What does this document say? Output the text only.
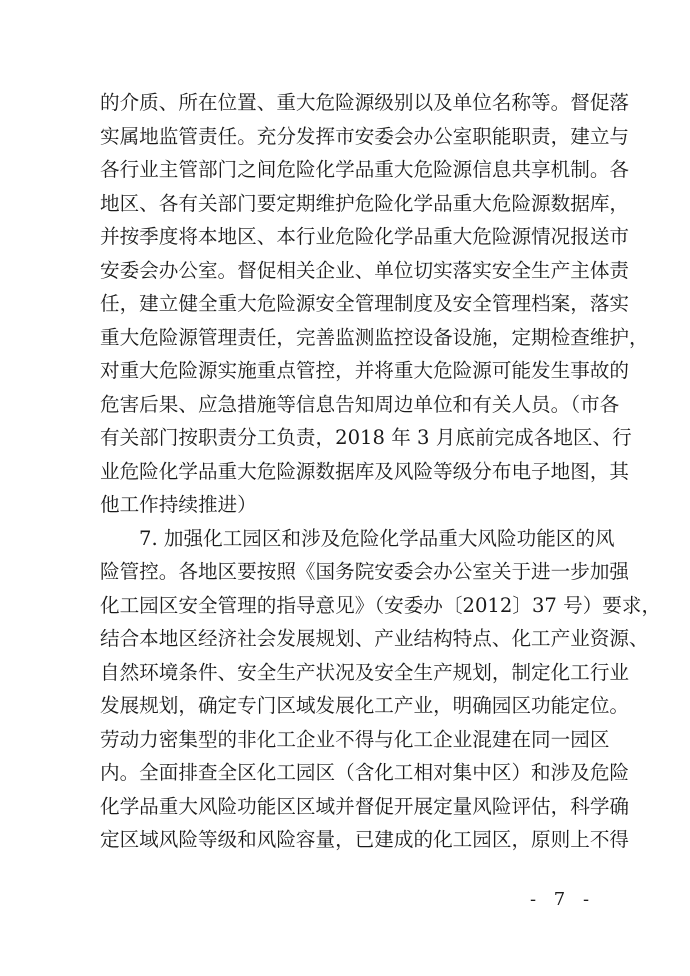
的介质、所在位置、重大危险源级别以及单位名称等。督促落
实属地监管责任。充分发挥市安委会办公室职能职责，建立与
各行业主管部门之间危险化学品重大危险源信息共享机制。各
地区、各有关部门要定期维护危险化学品重大危险源数据库，
并按季度将本地区、本行业危险化学品重大危险源情况报送市
安委会办公室。督促相关企业、单位切实落实安全生产主体责
任，建立健全重大危险源安全管理制度及安全管理档案，落实
重大危险源管理责任，完善监测监控设备设施，定期检查维护，
对重大危险源实施重点管控，并将重大危险源可能发生事故的
危害后果、应急措施等信息告知周边单位和有关人员。（市各
有关部门按职责分工负责，2018 年 3 月底前完成各地区、行
业危险化学品重大危险源数据库及风险等级分布电子地图，其
他工作持续推进）
7. 加强化工园区和涉及危险化学品重大风险功能区的风
险管控。各地区要按照《国务院安委会办公室关于进一步加强
化工园区安全管理的指导意见》（安委办〔2012〕37 号）要求，
结合本地区经济社会发展规划、产业结构特点、化工产业资源、
自然环境条件、安全生产状况及安全生产规划，制定化工行业
发展规划，确定专门区域发展化工产业，明确园区功能定位。
劳动力密集型的非化工企业不得与化工企业混建在同一园区
内。全面排查全区化工园区（含化工相对集中区）和涉及危险
化学品重大风险功能区区域并督促开展定量风险评估，科学确
定区域风险等级和风险容量，已建成的化工园区，原则上不得
- 7 -
